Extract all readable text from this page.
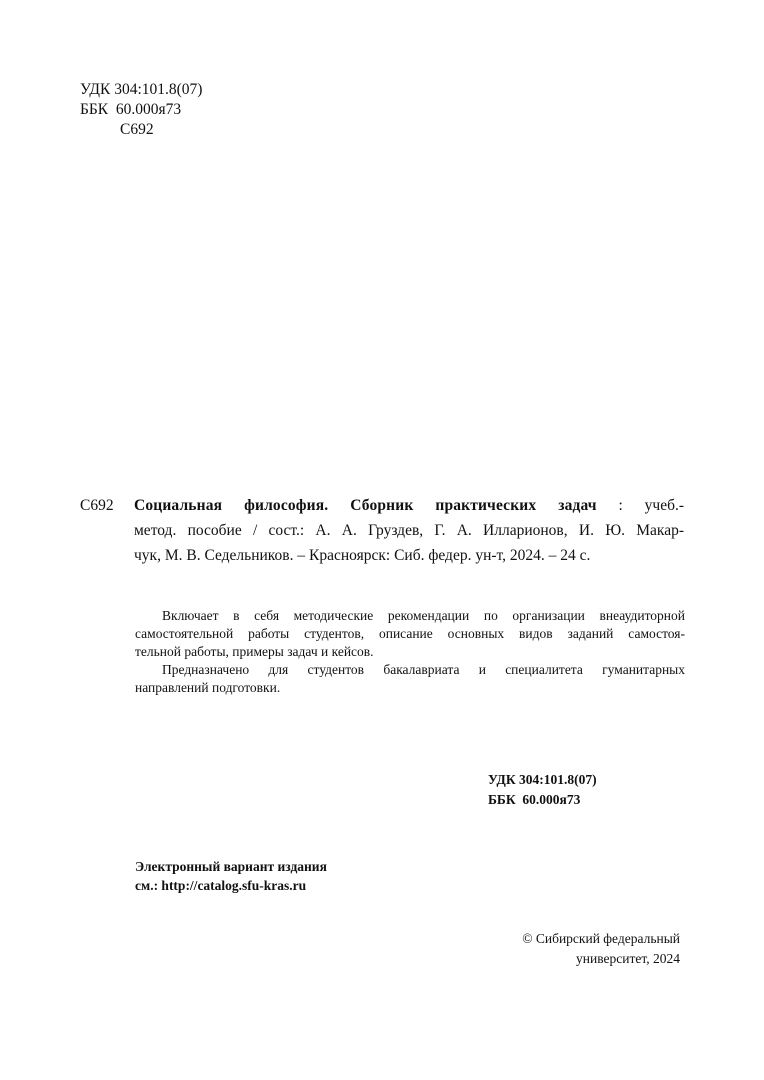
УДК 304:101.8(07)
ББК  60.000я73
С692
С692 Социальная философия. Сборник практических задач : учеб.-
метод. пособие / сост.: А. А. Груздев, Г. А. Илларионов, И. Ю. Макар-
чук, М. В. Седельников. – Красноярск: Сиб. федер. ун-т, 2024. – 24 с.
Включает в себя методические рекомендации по организации внеаудиторной
самостоятельной работы студентов, описание основных видов заданий самостоя-
тельной работы, примеры задач и кейсов.
Предназначено для студентов бакалавриата и специалитета гуманитарных
направлений подготовки.
УДК 304:101.8(07)
ББК  60.000я73
Электронный вариант издания
см.: http://catalog.sfu-kras.ru
© Сибирский федеральный
университет, 2024
